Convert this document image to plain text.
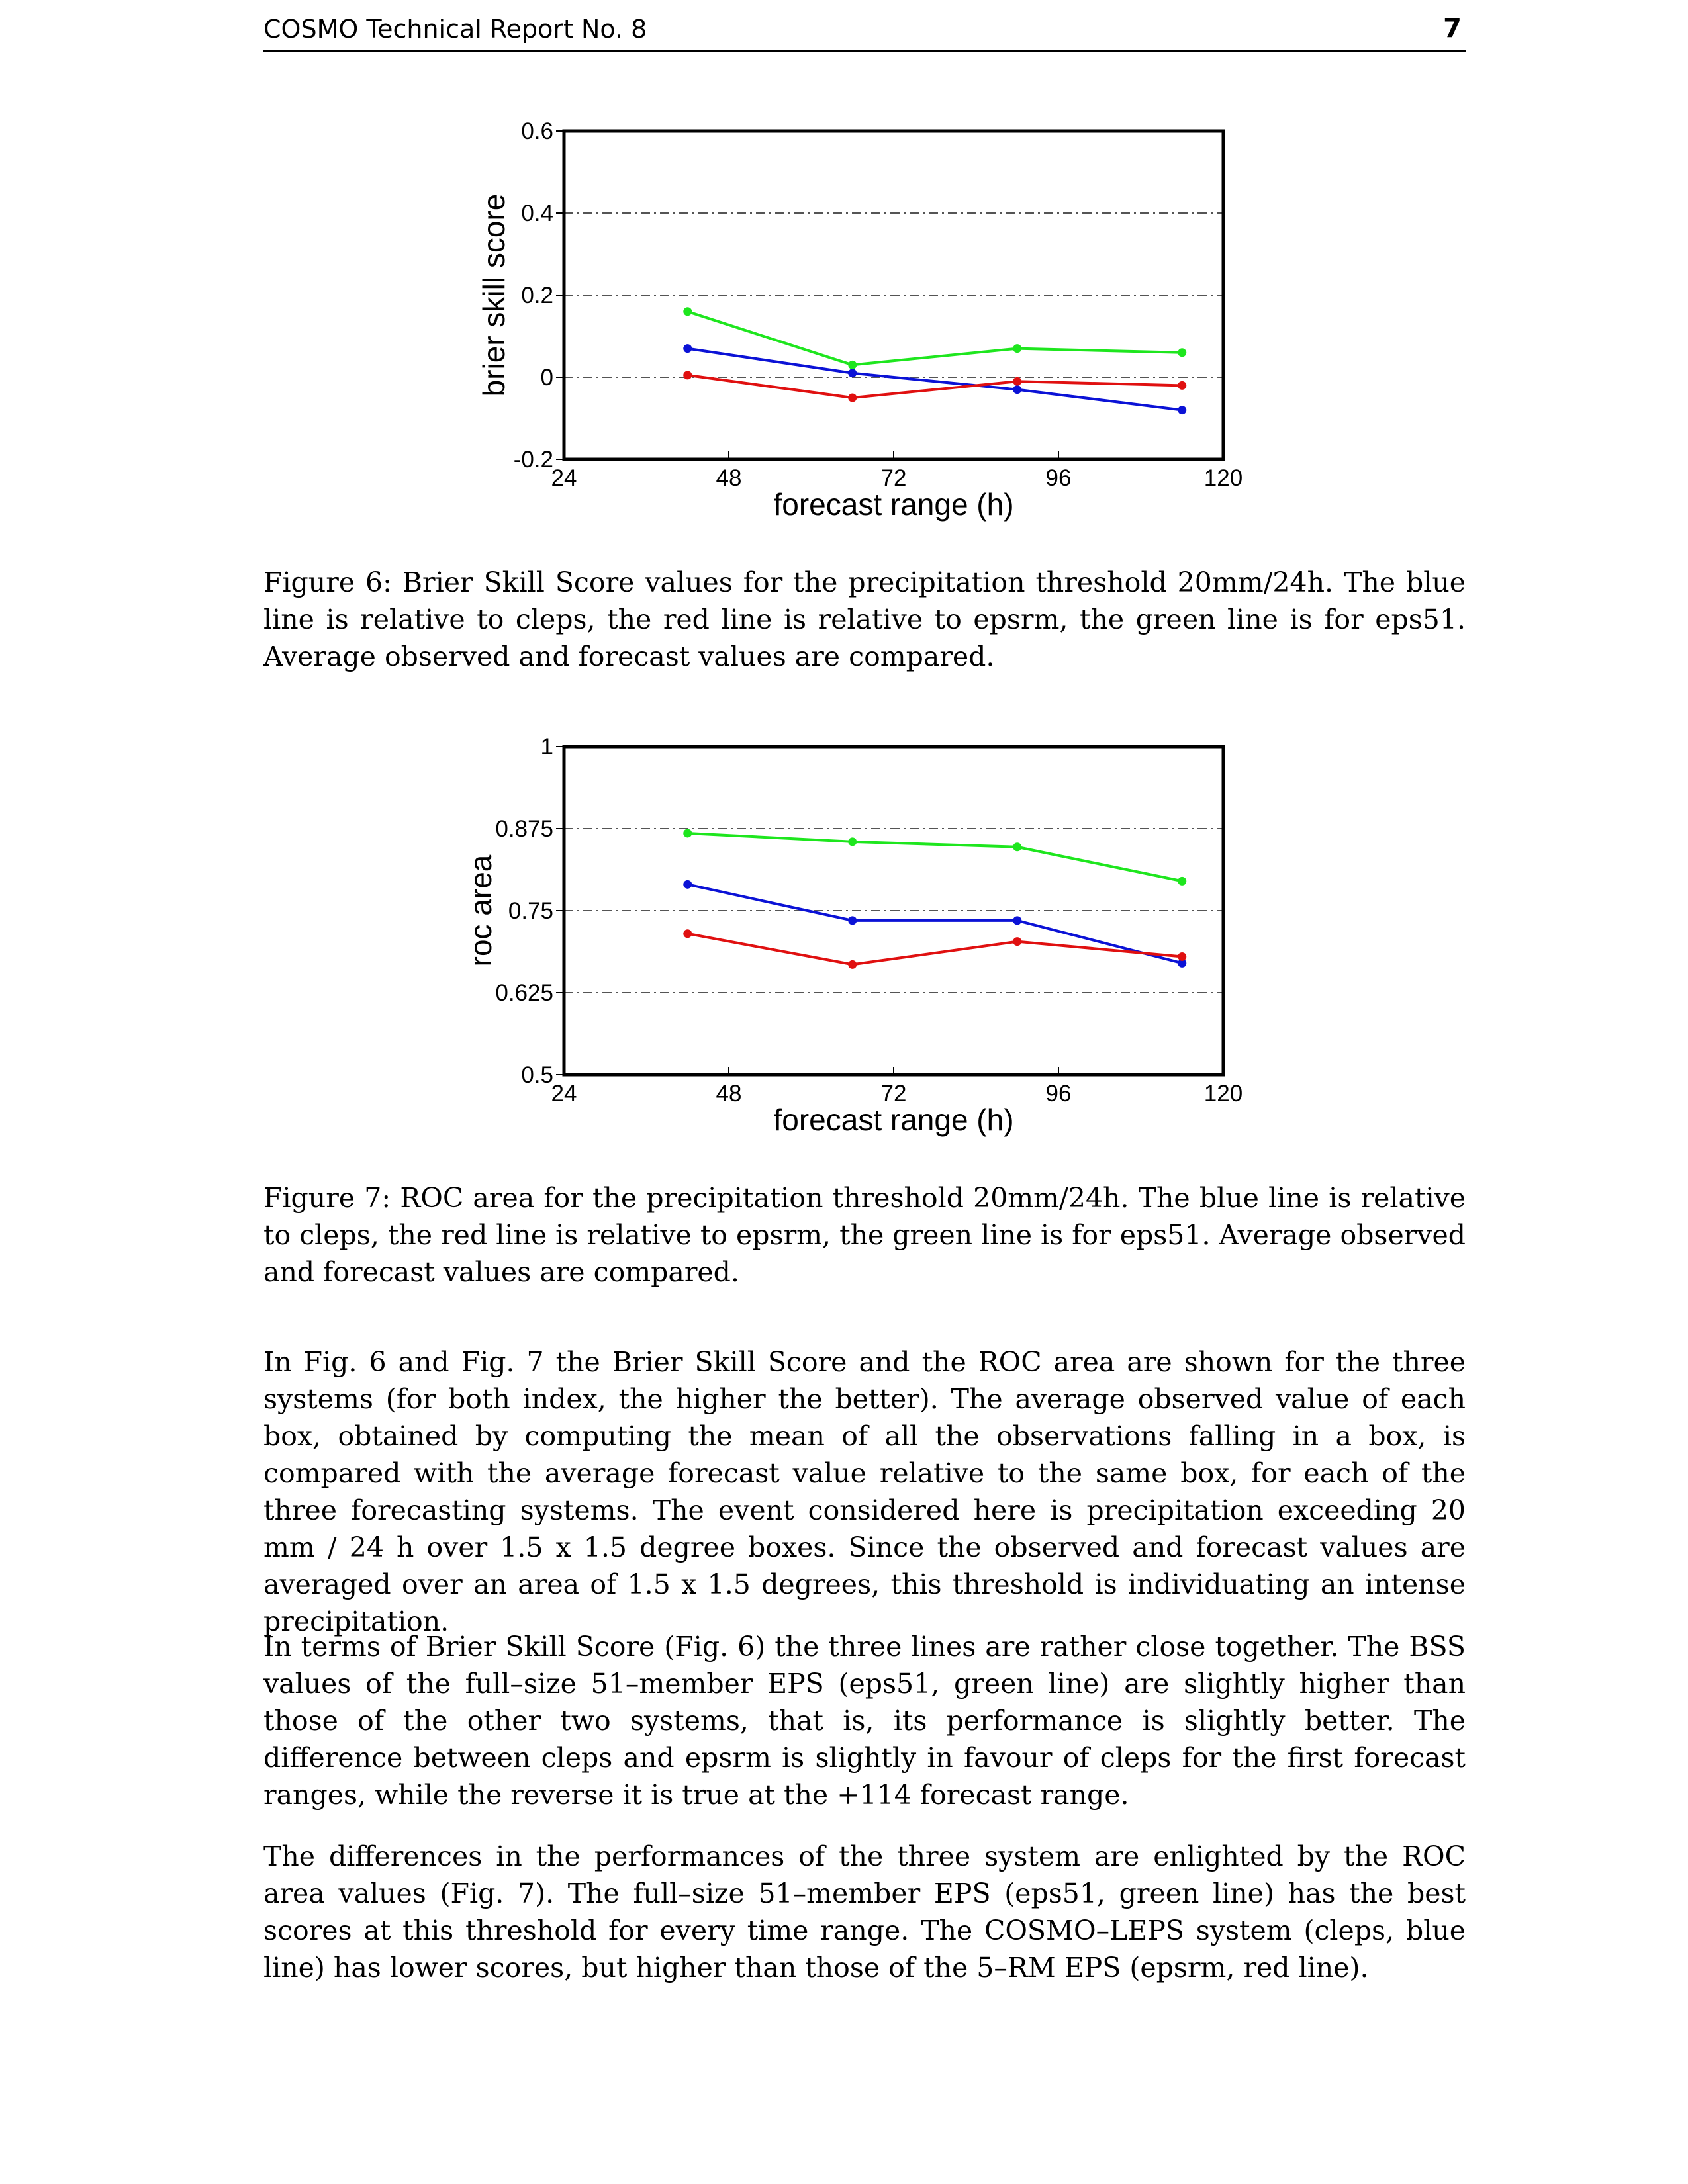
COSMO Technical Report No. 8	7
-0.2
0
0.2
0.4
0.6
24	48	72	96	120
forecast range (h)
brier skill score
Figure 6: Brier Skill Score values for the precipitation threshold 20mm/24h. The blue line is relative to cleps, the red line is relative to epsrm, the green line is for eps51. Average observed and forecast values are compared.
0.5
0.625
0.75
0.875
1
24	48	72	96	120
forecast range (h)
roc area
Figure 7: ROC area for the precipitation threshold 20mm/24h. The blue line is relative to cleps, the red line is relative to epsrm, the green line is for eps51. Average observed and forecast values are compared.
In Fig. 6 and Fig. 7 the Brier Skill Score and the ROC area are shown for the three systems (for both index, the higher the better). The average observed value of each box, obtained by computing the mean of all the observations falling in a box, is compared with the average forecast value relative to the same box, for each of the three forecasting systems. The event considered here is precipitation exceeding 20 mm / 24 h over 1.5 x 1.5 degree boxes. Since the observed and forecast values are averaged over an area of 1.5 x 1.5 degrees, this threshold is individuating an intense precipitation.
In terms of Brier Skill Score (Fig. 6) the three lines are rather close together. The BSS values of the full–size 51–member EPS (eps51, green line) are slightly higher than those of the other two systems, that is, its performance is slightly better. The difference between cleps and epsrm is slightly in favour of cleps for the first forecast ranges, while the reverse it is true at the +114 forecast range.
The differences in the performances of the three system are enlighted by the ROC area values (Fig. 7). The full–size 51–member EPS (eps51, green line) has the best scores at this threshold for every time range. The COSMO–LEPS system (cleps, blue line) has lower scores, but higher than those of the 5–RM EPS (epsrm, red line).
